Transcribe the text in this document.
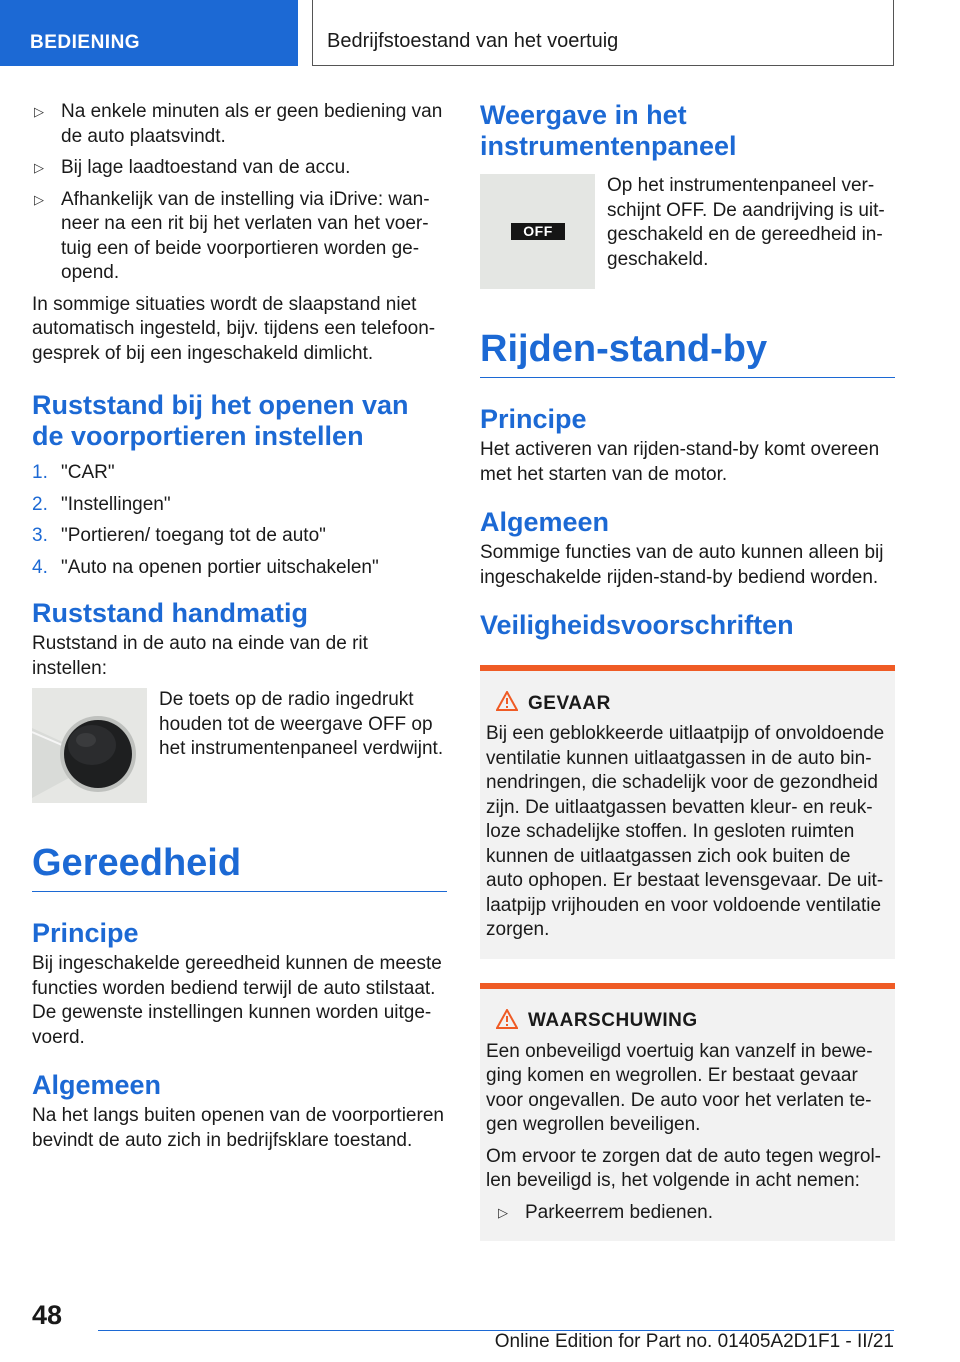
BEDIENING	Bedrijfstoestand van het voertuig
▷ Na enkele minuten als er geen bediening van de auto plaatsvindt.
▷ Bij lage laadtoestand van de accu.
▷ Afhankelijk van de instelling via iDrive: wan-neer na een rit bij het verlaten van het voer-tuig een of beide voorportieren worden ge-opend.

In sommige situaties wordt de slaapstand niet automatisch ingesteld, bijv. tijdens een telefoon-gesprek of bij een ingeschakeld dimlicht.

Ruststand bij het openen van de voorportieren instellen
1. "CAR"
2. "Instellingen"
3. "Portieren/ toegang tot de auto"
4. "Auto na openen portier uitschakelen"
Ruststand handmatig

Ruststand in de auto na einde van de rit instellen:

De toets op de radio ingedrukt houden tot de weergave OFF op het instrumentenpaneel verdwijnt.

Gereedheid
Principe

Bij ingeschakelde gereedheid kunnen de meeste functies worden bediend terwijl de auto stilstaat. De gewenste instellingen kunnen worden uitge-voerd.

Algemeen

Na het langs buiten openen van de voorportieren bevindt de auto zich in bedrijfsklare toestand.

Weergave in het instrumentenpaneel
OFF

Op het instrumentenpaneel ver-schijnt OFF. De aandrijving is uit-geschakeld en de gereedheid in-geschakeld.

Rijden-stand-by
Principe

Het activeren van rijden-stand-by komt overeen met het starten van de motor.

Algemeen

Sommige functies van de auto kunnen alleen bij ingeschakelde rijden-stand-by bediend worden.

Veiligheidsvoorschriften
GEVAAR

Bij een geblokkeerde uitlaatpijp of onvoldoende ventilatie kunnen uitlaatgassen in de auto bin-nendringen, die schadelijk voor de gezondheid zijn. De uitlaatgassen bevatten kleur- en reuk-loze schadelijke stoffen. In gesloten ruimten kunnen de uitlaatgassen zich ook buiten de auto ophopen. Er bestaat levensgevaar. De uit-laatpijp vrijhouden en voor voldoende ventilatie zorgen.

WAARSCHUWING

Een onbeveiligd voertuig kan vanzelf in bewe-ging komen en wegrollen. Er bestaat gevaar voor ongevallen. De auto voor het verlaten te-gen wegrollen beveiligen.

Om ervoor te zorgen dat de auto tegen wegrol-len beveiligd is, het volgende in acht nemen:

▷ Parkeerrem bedienen.
48
Online Edition for Part no. 01405A2D1F1 - II/21
